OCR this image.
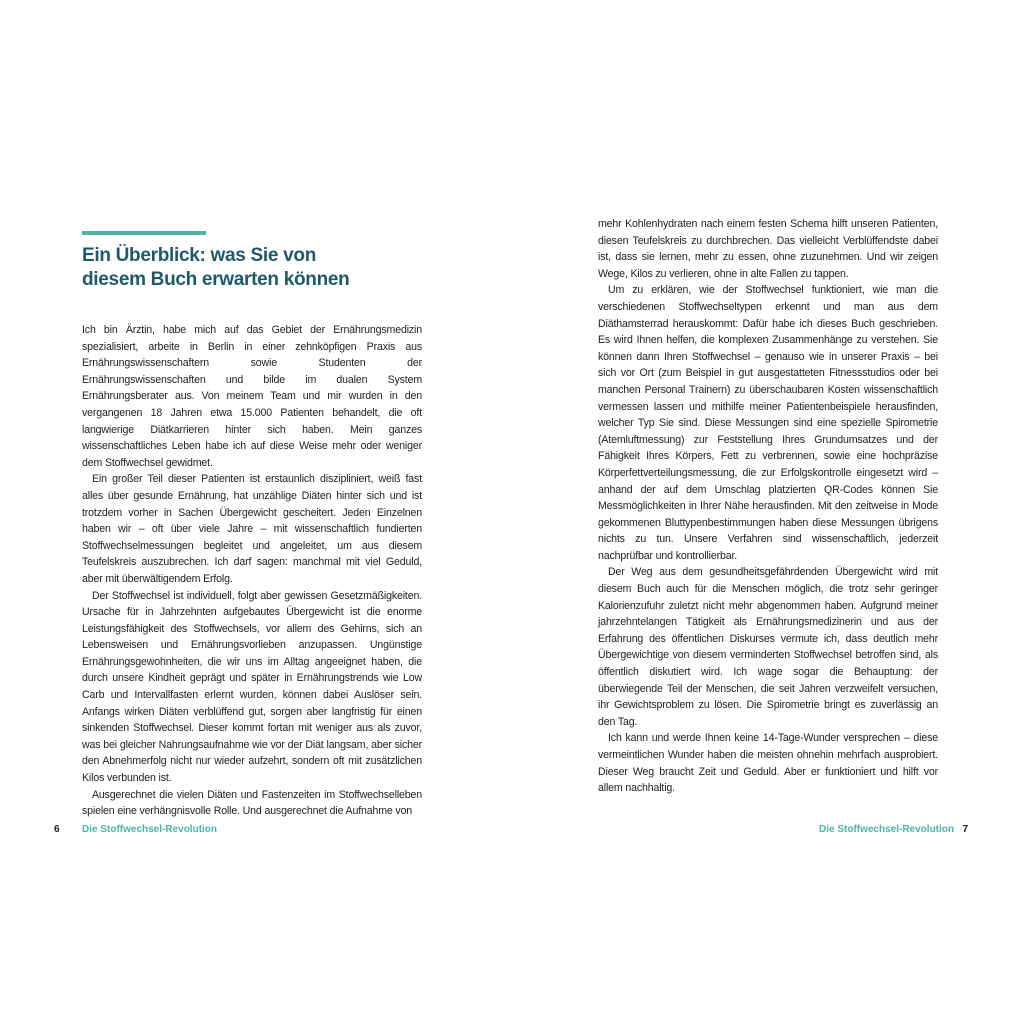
Ein Überblick: was Sie von
diesem Buch erwarten können

Ich bin Ärztin, habe mich auf das Gebiet der Ernährungsmedizin spezialisiert, arbeite in Berlin in einer zehnköpfigen Praxis aus Ernährungswissenschaftern sowie Studenten der Ernährungswissenschaften und bilde im dualen System Ernährungsberater aus. Von meinem Team und mir wurden in den vergangenen 18 Jahren etwa 15.000 Patienten behandelt, die oft langwierige Diätkarrieren hinter sich haben. Mein ganzes wissenschaftliches Leben habe ich auf diese Weise mehr oder weniger dem Stoffwechsel gewidmet.

Ein großer Teil dieser Patienten ist erstaunlich diszipliniert, weiß fast alles über gesunde Ernährung, hat unzählige Diäten hinter sich und ist trotzdem vorher in Sachen Übergewicht gescheitert. Jeden Einzelnen haben wir – oft über viele Jahre – mit wissenschaftlich fundierten Stoffwechselmessungen begleitet und angeleitet, um aus diesem Teufelskreis auszubrechen. Ich darf sagen: manchmal mit viel Geduld, aber mit überwältigendem Erfolg.

Der Stoffwechsel ist individuell, folgt aber gewissen Gesetzmäßigkeiten. Ursache für in Jahrzehnten aufgebautes Übergewicht ist die enorme Leistungsfähigkeit des Stoffwechsels, vor allem des Gehirns, sich an Lebensweisen und Ernährungsvorlieben anzupassen. Ungünstige Ernährungsgewohnheiten, die wir uns im Alltag angeeignet haben, die durch unsere Kindheit geprägt und später in Ernährungstrends wie Low Carb und Intervallfasten erlernt wurden, können dabei Auslöser sein. Anfangs wirken Diäten verblüffend gut, sorgen aber langfristig für einen sinkenden Stoffwechsel. Dieser kommt fortan mit weniger aus als zuvor, was bei gleicher Nahrungsaufnahme wie vor der Diät langsam, aber sicher den Abnehmerfolg nicht nur wieder aufzehrt, sondern oft mit zusätzlichen Kilos verbunden ist.

Ausgerechnet die vielen Diäten und Fastenzeiten im Stoffwechselleben spielen eine verhängnisvolle Rolle. Und ausgerechnet die Aufnahme von

6 Die Stoffwechsel-Revolution

mehr Kohlenhydraten nach einem festen Schema hilft unseren Patienten, diesen Teufelskreis zu durchbrechen. Das vielleicht Verblüffendste dabei ist, dass sie lernen, mehr zu essen, ohne zuzunehmen. Und wir zeigen Wege, Kilos zu verlieren, ohne in alte Fallen zu tappen.

Um zu erklären, wie der Stoffwechsel funktioniert, wie man die verschiedenen Stoffwechseltypen erkennt und man aus dem Diäthamsterrad herauskommt: Dafür habe ich dieses Buch geschrieben. Es wird Ihnen helfen, die komplexen Zusammenhänge zu verstehen. Sie können dann Ihren Stoffwechsel – genauso wie in unserer Praxis – bei sich vor Ort (zum Beispiel in gut ausgestatteten Fitnessstudios oder bei manchen Personal Trainern) zu überschaubaren Kosten wissenschaftlich vermessen lassen und mithilfe meiner Patientenbeispiele herausfinden, welcher Typ Sie sind. Diese Messungen sind eine spezielle Spirometrie (Atemluftmessung) zur Feststellung Ihres Grundumsatzes und der Fähigkeit Ihres Körpers, Fett zu verbrennen, sowie eine hochpräzise Körperfettverteilungsmessung, die zur Erfolgskontrolle eingesetzt wird – anhand der auf dem Umschlag platzierten QR-Codes können Sie Messmöglichkeiten in Ihrer Nähe herausfinden. Mit den zeitweise in Mode gekommenen Bluttypenbestimmungen haben diese Messungen übrigens nichts zu tun. Unsere Verfahren sind wissenschaftlich, jederzeit nachprüfbar und kontrollierbar.

Der Weg aus dem gesundheitsgefährdenden Übergewicht wird mit diesem Buch auch für die Menschen möglich, die trotz sehr geringer Kalorienzufuhr zuletzt nicht mehr abgenommen haben. Aufgrund meiner jahrzehntelangen Tätigkeit als Ernährungsmedizinerin und aus der Erfahrung des öffentlichen Diskurses vermute ich, dass deutlich mehr Übergewichtige von diesem verminderten Stoffwechsel betroffen sind, als öffentlich diskutiert wird. Ich wage sogar die Behauptung: der überwiegende Teil der Menschen, die seit Jahren verzweifelt versuchen, ihr Gewichtsproblem zu lösen. Die Spirometrie bringt es zuverlässig an den Tag.

Ich kann und werde Ihnen keine 14-Tage-Wunder versprechen – diese vermeintlichen Wunder haben die meisten ohnehin mehrfach ausprobiert. Dieser Weg braucht Zeit und Geduld. Aber er funktioniert und hilft vor allem nachhaltig.

Die Stoffwechsel-Revolution 7
